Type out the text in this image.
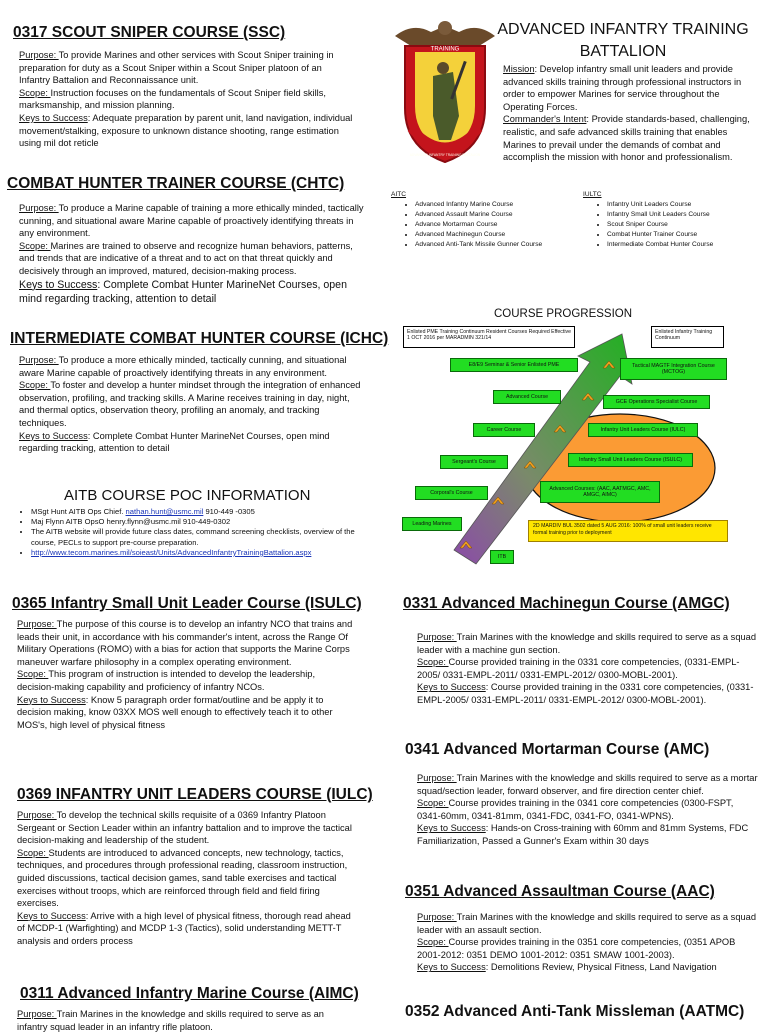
0317 SCOUT SNIPER COURSE (SSC)

Purpose: To provide Marines and other services with Scout Sniper training in preparation for duty as a Scout Sniper within a Scout Sniper platoon of an Infantry Battalion and Reconnaissance unit.

Scope: Instruction focuses on the fundamentals of Scout Sniper field skills, marksmanship, and mission planning.

Keys to Success: Adequate preparation by parent unit, land navigation, individual movement/stalking, exposure to unknown distance shooting, range estimation using mil dot reticle

COMBAT HUNTER TRAINER COURSE (CHTC)

Purpose: To produce a Marine capable of training a more ethically minded, tactically cunning, and situational aware Marine capable of proactively identifying threats in any environment.

Scope: Marines are trained to observe and recognize human behaviors, patterns, and trends that are indicative of a threat and to act on that threat quickly and decisively through an improved, matured, decision-making process.

Keys to Success: Complete Combat Hunter MarineNet Courses, open mind regarding tracking, attention to detail

INTERMEDIATE COMBAT HUNTER COURSE (ICHC)

Purpose: To produce a more ethically minded, tactically cunning, and situational aware Marine capable of proactively identifying threats in any environment.

Scope: To foster and develop a hunter mindset through the integration of enhanced observation, profiling, and tracking skills. A Marine receives training in day, night, and thermal optics, observation theory, profiling an anomaly, and tracking techniques.

Keys to Success: Complete Combat Hunter MarineNet Courses, open mind regarding tracking, attention to detail

AITB COURSE POC INFORMATION
• MSgt Hunt AITB Ops Chief. nathan.hunt@usmc.mil 910-449 -0305
• Maj Flynn AITB OpsO henry.flynn@usmc.mil 910-449-0302
• The AITB website will provide future class dates, command screening checklists, overview of the course, PECLs to support pre-course preparation.
• http://www.tecom.marines.mil/soieast/Units/AdvancedInfantryTrainingBattalion.aspx
0365 Infantry Small Unit Leader Course (ISULC)

Purpose: The purpose of this course is to develop an infantry NCO that trains and leads their unit, in accordance with his commander's intent, across the Range Of Military Operations (ROMO) with a bias for action that supports the Marine Corps maneuver warfare philosophy in a complex operating environment.

Scope: This program of instruction is intended to develop the leadership, decision-making capability and proficiency of infantry NCOs.

Keys to Success: Know 5 paragraph order format/outline and be apply it to decision making, know 03XX MOS well enough to effectively teach it to other MOS's, high level of physical fitness

0369 INFANTRY UNIT LEADERS COURSE (IULC)

Purpose: To develop the technical skills requisite of a 0369 Infantry Platoon Sergeant or Section Leader within an infantry battalion and to improve the tactical decision-making and leadership of the student.

Scope: Students are introduced to advanced concepts, new technology, tactics, techniques, and procedures through professional reading, classroom instruction, guided discussions, tactical decision games, sand table exercises and tactical exercises without troops, which are reinforced through field and field firing exercises.

Keys to Success: Arrive with a high level of physical fitness, thorough read ahead of MCDP-1 (Warfighting) and MCDP 1-3 (Tactics), solid understanding METT-T analysis and orders process

0311 Advanced Infantry Marine Course (AIMC)

Purpose: Train Marines in the knowledge and skills required to serve as an infantry squad leader in an infantry rifle platoon.

TRAINING
ADVANCED INFANTRY TRAINING BATTALION
ADVANCED INFANTRY TRAINING BATTALION

Mission: Develop infantry small unit leaders and provide advanced skills training through professional instructors in order to empower Marines for service throughout the Operating Forces.

Commander's Intent: Provide standards-based, challenging, realistic, and safe advanced skills training that enables Marines to prevail under the demands of combat and accomplish the mission with honor and professionalism.

AITC
• Advanced Infantry Marine Course
• Advanced Assault Marine Course
• Advance Mortarman Course
• Advanced Machinegun Course
• Advanced Anti-Tank Missile Gunner Course
IULTC
• Infantry Unit Leaders Course
• Infantry Small Unit Leaders Course
• Scout Sniper Course
• Combat Hunter Trainer Course
• Intermediate Combat Hunter Course
COURSE PROGRESSION
Enlisted PME Training Continuum Resident Courses Required Effective 1 OCT 2016 per MARADMIN 321/14
Enlisted Infantry Training Continuum
E8/E9 Seminar & Senior Enlisted PME	Tactical MAGTF Integration Course (MCTOG)
Advanced Course
GCE Operations Specialist Course
Career Course	Infantry Unit Leaders Course (IULC)
Sergeant's Course	Infantry Small Unit Leaders Course (ISULC)
Corporal's Course
Advanced Courses: (AAC, AATMGC, AMC, AMGC, AIMC)
Leading Marines
ITB
2D MARDIV BUL 3502 dated 5 AUG 2016: 100% of small unit leaders receive formal training prior to deployment
0331 Advanced Machinegun Course (AMGC)

Purpose: Train Marines with the knowledge and skills required to serve as a squad leader with a machine gun section.

Scope: Course provided training in the 0331 core competencies, (0331-EMPL-2005/ 0331-EMPL-2011/ 0331-EMPL-2012/ 0300-MOBL-2001).

Keys to Success: Course provided training in the 0331 core competencies, (0331-EMPL-2005/ 0331-EMPL-2011/ 0331-EMPL-2012/ 0300-MOBL-2001).

0341 Advanced Mortarman Course (AMC)

Purpose: Train Marines with the knowledge and skills required to serve as a mortar squad/section leader, forward observer, and fire direction center chief.

Scope: Course provides training in the 0341 core competencies (0300-FSPT, 0341-60mm, 0341-81mm, 0341-FDC, 0341-FO, 0341-WPNS).

Keys to Success: Hands-on Cross-training with 60mm and 81mm Systems, FDC Familiarization, Passed a Gunner's Exam within 30 days

0351 Advanced Assaultman Course (AAC)

Purpose: Train Marines with the knowledge and skills required to serve as a squad leader with an assault section.

Scope: Course provides training in the 0351 core competencies, (0351 APOB 2001-2012: 0351 DEMO 1001-2012: 0351 SMAW 1001-2003).

Keys to Success: Demolitions Review, Physical Fitness, Land Navigation

0352 Advanced Anti-Tank Missleman (AATMC)
